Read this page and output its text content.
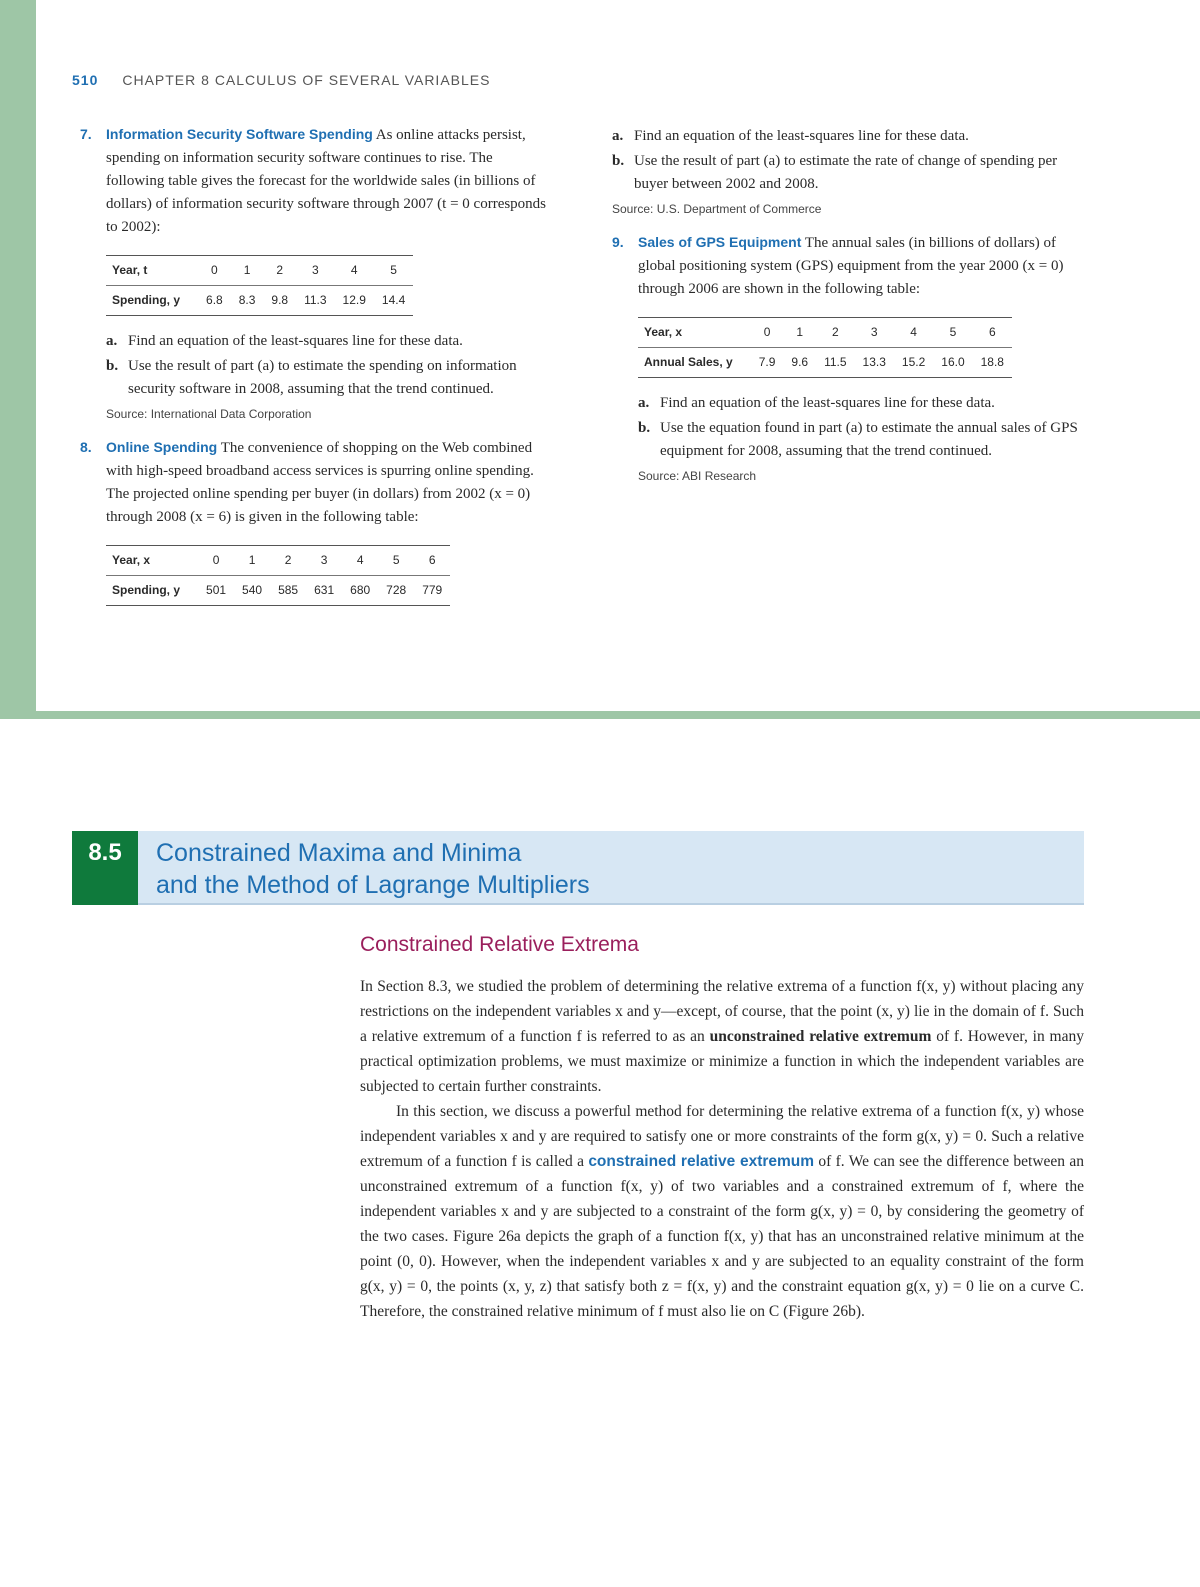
510 CHAPTER 8 CALCULUS OF SEVERAL VARIABLES
7. Information Security Software Spending As online attacks persist, spending on information security software continues to rise. The following table gives the forecast for the worldwide sales (in billions of dollars) of information security software through 2007 (t = 0 corresponds to 2002):
Year, t	0	1	2	3	4	5
Spending, y	6.8	8.3	9.8	11.3	12.9	14.4
a. Find an equation of the least-squares line for these data.
b. Use the result of part (a) to estimate the spending on information security software in 2008, assuming that the trend continued.
Source: International Data Corporation
8. Online Spending The convenience of shopping on the Web combined with high-speed broadband access services is spurring online spending. The projected online spending per buyer (in dollars) from 2002 (x = 0) through 2008 (x = 6) is given in the following table:
Year, x	0	1	2	3	4	5	6
Spending, y	501	540	585	631	680	728	779
a. Find an equation of the least-squares line for these data.
b. Use the result of part (a) to estimate the rate of change of spending per buyer between 2002 and 2008.
Source: U.S. Department of Commerce
9. Sales of GPS Equipment The annual sales (in billions of dollars) of global positioning system (GPS) equipment from the year 2000 (x = 0) through 2006 are shown in the following table:
Year, x	0	1	2	3	4	5	6
Annual Sales, y	7.9	9.6	11.5	13.3	15.2	16.0	18.8
a. Find an equation of the least-squares line for these data.
b. Use the equation found in part (a) to estimate the annual sales of GPS equipment for 2008, assuming that the trend continued.
Source: ABI Research
8.5	Constrained Maxima and Minima
and the Method of Lagrange Multipliers
Constrained Relative Extrema

In Section 8.3, we studied the problem of determining the relative extrema of a function f(x, y) without placing any restrictions on the independent variables x and y—except, of course, that the point (x, y) lie in the domain of f. Such a relative extremum of a function f is referred to as an unconstrained relative extremum of f. However, in many practical optimization problems, we must maximize or minimize a function in which the independent variables are subjected to certain further constraints.

In this section, we discuss a powerful method for determining the relative extrema of a function f(x, y) whose independent variables x and y are required to satisfy one or more constraints of the form g(x, y) = 0. Such a relative extremum of a function f is called a constrained relative extremum of f. We can see the difference between an unconstrained extremum of a function f(x, y) of two variables and a constrained extremum of f, where the independent variables x and y are subjected to a constraint of the form g(x, y) = 0, by considering the geometry of the two cases. Figure 26a depicts the graph of a function f(x, y) that has an unconstrained relative minimum at the point (0, 0). However, when the independent variables x and y are subjected to an equality constraint of the form g(x, y) = 0, the points (x, y, z) that satisfy both z = f(x, y) and the constraint equation g(x, y) = 0 lie on a curve C. Therefore, the constrained relative minimum of f must also lie on C (Figure 26b).
